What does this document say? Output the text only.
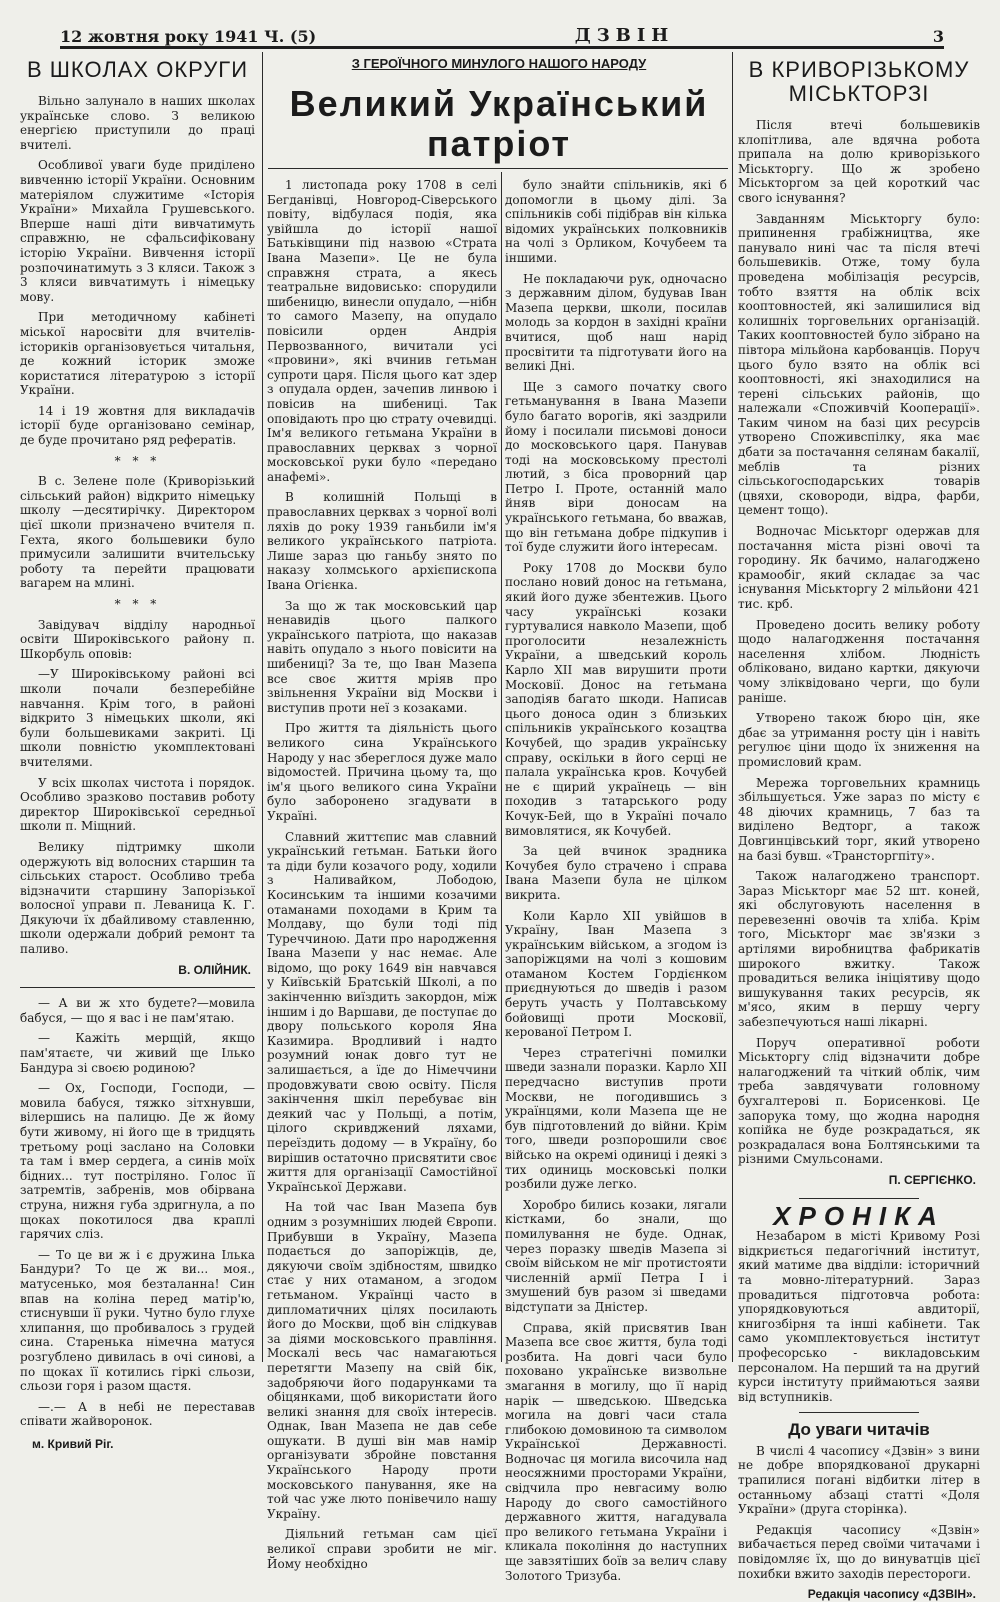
12 жовтня року 1941 Ч. (5)	ДЗВІН	3
В ШКОЛАХ ОКРУГИ

Вільно залунало в наших школах українське слово. З великою енергією приступили до праці вчителі.

Особливої уваги буде приділено вивченню історії України. Основним матеріялом служитиме «Історія України» Михайла Грушевського. Вперше наші діти вивчатимуть справжню, не сфальсифіковану історію України. Вивчення історії розпочинатимуть з 3 кляси. Також з 3 кляси вивчатимуть і німецьку мову.

При методичному кабінеті міської наросвіти для вчителів-істориків організовується читальня, де кожний історик зможе користатися літературою з історії України.

14 і 19 жовтня для викладачів історії буде організовано семінар, де буде прочитано ряд рефератів.

* * *

В с. Зелене поле (Криворізький сільський район) відкрито німецьку школу —десятирічку. Директором цієї школи призначено вчителя п. Гехта, якого большевики було примусили залишити вчительську роботу та перейти працювати вагарем на млині.

* * *

Завідувач відділу народньої освіти Широківського району п. Шкорбуль оповів:

—У Широківському районі всі школи почали безперебійне навчання. Крім того, в районі відкрито 3 німецьких школи, які були большевиками закриті. Ці школи повністю укомплектовані вчителями.

У всіх школах чистота і порядок. Особливо зразково поставив роботу директор Широківської середньої школи п. Міщний.

Велику підтримку школи одержують від волосних старшин та сільських старост. Особливо треба відзначити старшину Запорізької волосної управи п. Леваница К. Г. Дякуючи їх дбайливому ставленню, школи одержали добрий ремонт та паливо.

В. ОЛІЙНИК.

— А ви ж хто будете?—мовила бабуся, — що я вас і не пам'ятаю.

— Кажіть мерщій, якщо пам'ятаєте, чи живий ще Ількo Бандура зі своєю родиною?

— Ох, Господи, Господи, — мовила бабуся, тяжко зітхнувши, вілершись на палицю. Де ж йому бути живому, ні його ще в тридцять третьому році заслано на Соловки та там і вмер сердега, а синів моїх бідних... тут постріляно. Голос її затремтів, забренів, мов обірвана струна, нижня губа здригнула, а по щоках покотилося два краплі гарячих сліз.

— То це ви ж і є дружина Ілька Бандури? То це ж ви... моя., матусенько, моя безталанна! Син впав на коліна перед матір'ю, стиснувши її руки. Чутно було глухе хлипання, що пробивалось з грудей сина. Старенька німечна матуся розгублено дивилась в очі синові, а по щоках її котились гіркі сльози, сльози горя і разом щастя.

—.— А в небі не переставав співати жайворонок.

м. Кривий Ріг.
З ГЕРОЇЧНОГО МИНУЛОГО НАШОГО НАРОДУ
Великий Український
патріот

1 листопада року 1708 в селі Бегданівці, Новгород-Сіверського повіту, відбулася подія, яка увійшла до історії нашої Батьківщини під назвою «Страта Івана Мазепи». Це не була справжня страта, а якесь театральне видовисько: спорудили шибеницю, винесли опудало, —нібн то самого Мазепу, на опудало повісили орден Андрія Первозванного, вичитали усі «провини», які вчинив гетьман супроти царя. Після цього кат здер з опудала орден, зачепив линвою і повісив на шибениці. Так оповідають про цю страту очевидці. Ім'я великого гетьмана України в православних церквах з чорної московської руки було «передано анафемі».

В колишній Польщі в православних церквах з чорної волі ляхів до року 1939 ганьбили ім'я великого українського патріота. Лише зараз цю ганьбу знято по наказу холмського архієпископа Івана Огієнка.

За що ж так московський цар ненавидів цього палкого українського патріота, що наказав навіть опудало з нього повісити на шибениці? За те, що Іван Мазепа все своє життя мріяв про звільнення України від Москви і виступив проти неї з козаками.

Про життя та діяльність цього великого сина Українського Народу у нас збереглося дуже мало відомостей. Причина цьому та, що ім'я цього великого сина України було заборонено згадувати в Україні.

Славний життєпис мав славний український гетьман. Батьки його та діди були козачого роду, ходили з Наливайком, Лободою, Косинським та іншими козачими отаманами походами в Крим та Молдаву, що були тоді під Туреччиною. Дати про народження Івана Мазепи у нас немає. Але відомо, що року 1649 він навчався у Київській Братській Школі, а по закінченню виїздить закордон, між іншим і до Варшави, де поступає до двору польського короля Яна Казимира. Вродливий і надто розумний юнак довго тут не залишається, а їде до Німеччини продовжувати свою освіту. Після закінчення шкіл перебуває він деякий час у Польщі, а потім, цілого скривджений ляхами, переїздить додому — в Україну, бо вирішив остаточно присвятити своє життя для організації Самостійної Української Держави.

На той час Іван Мазепа був одним з розумніших людей Європи. Прибувши в Україну, Мазепа подається до запоріжців, де, дякуючи своїм здібностям, швидко стає у них отаманом, а згодом гетьманом. Українці часто в дипломатичних цілях посилають його до Москви, щоб він слідкував за діями московського правління. Москалі весь час намагаються перетягти Мазепу на свій бік, задобряючи його подарунками та обіцянками, щоб використати його великі знання для своїх інтересів. Однак, Іван Мазепа не дав себе ошукати. В душі він мав намір організувати збройне повстання Українського Народу проти московського панування, яке на той час уже люто понівечило нашу Україну.

Діяльний гетьман сам цієї великої справи зробити не міг. Йому необхідно

було знайти спільників, які б допомогли в цьому ділі. За спільників собі підібрав він кілька відомих українських полковників на чолі з Орликом, Кочубеем та іншими.

Не покладаючи рук, одночасно з державним ділом, будував Іван Мазепа церкви, школи, посилав молодь за кордон в західні країни вчитися, щоб наш нарід просвітити та підготувати його на великі Дні.

Ще з самого початку свого гетьманування в Івана Мазепи було багато ворогів, які заздрили йому і посилали письмові доноси до московського царя. Панував тоді на московському престолі лютий, з біса проворний цар Петро І. Проте, останній мало йняв віри доносам на українського гетьмана, бо вважав, що він гетьмана добре підкупив і тої буде служити його інтересам.

Року 1708 до Москви було послано новий донос на гетьмана, який його дуже збентежив. Цього часу українські козаки гуртувалися навколо Мазепи, щоб проголосити незалежність України, а шведський король Карло XII мав вирушити проти Московії. Донос на гетьмана заподіяв багато шкоди. Написав цього доноса один з близьких спільників українського козацтва Кочубей, що зрадив українську справу, оскільки в його серці не палала українська кров. Кочубей не є щирий українець — він походив з татарського роду Кочук-Бей, що в Україні почало вимовлятися, як Кочубей.

За цей вчинок зрадника Кочубея було страчено і справа Івана Мазепи була не цілком викрита.

Коли Карло XII увійшов в Україну, Іван Мазепа з українським військом, а згодом із запоріжцями на чолі з кошовим отаманом Костем Гордієнком приєднуються до шведів і разом беруть участь у Полтавському бойовищі проти Московії, керованої Петром I.

Через стратегічні помилки шведи зазнали поразки. Карло XII передчасно виступив проти Москви, не погодившись з українцями, коли Мазепа ще не був підготовлений до війни. Крім того, шведи розпорошили своє військо на окремі одиниці і деякі з тих одиниць московські полки розбили дуже легко.

Хоробро бились козаки, лягали кістками, бо знали, що помилування не буде. Однак, через поразку шведів Мазепа зі своїм військом не міг протистояти численній армії Петра І і змушений був разом зі шведами відступати за Дністер.

Справа, якій присвятив Іван Мазепа все своє життя, була тоді розбита. На довгі часи було поховано українське визвольне змагання в могилу, що її нарід нарік — шведською. Шведська могила на довгі часи стала глибокою домовиною та символом Української Державності. Водночас ця могила височила над неосяжними просторами України, свідчила про невгасиму волю Народу до свого самостійного державного життя, нагадувала про великого гетьмана України і кликала покоління до наступних ще завзятіших боїв за велич славу Золотого Тризуба.

В КРИВОРІЗЬКОМУ МІСЬКТОРЗІ

Після втечі большевиків клопітлива, але вдячна робота припала на долю криворізького Міськторгу. Що ж зробено Міськторгом за цей короткий час свого існування?

Завданням Міськторгу було: припинення грабіжництва, яке панувало нині час та після втечі большевиків. Отже, тому була проведена мобілізація ресурсів, тобто взяття на облік всіх кооптовностей, які залишилися від колишніх торговельних організацій. Таких кооптовностей було зібрано на півтора мільйона карбованців. Поруч цього було взято на облік всі кооптовності, які знаходилися на терені сільських районів, що належали «Споживчій Кооперації». Таким чином на базі цих ресурсів утворено Споживспілку, яка має дбати за постачання селянам бакалії, меблів та різних сільськогосподарських товарів (цвяхи, сковороди, відра, фарби, цемент тощо).

Водночас Міськторг одержав для постачання міста різні овочі та городину. Як бачимо, налагоджено крамообіг, який складає за час існування Міськторгу 2 мільйони 421 тис. крб.

Проведено досить велику роботу щодо налагодження постачання населення хлібом. Людність обліковано, видано картки, дякуючи чому зліквідовано черги, що були раніше.

Утворено також бюро цін, яке дбає за утримання росту цін і навіть регулює ціни щодо їх зниження на промисловий крам.

Мережа торговельних крамниць збільшується. Уже зараз по місту є 48 діючих крамниць, 7 баз та виділено Ведторг, а також Довгинцівський торг, який утворено на базі бувш. «Трансторгпіту».

Також налагоджено транспорт. Зараз Міськторг має 52 шт. коней, які обслуговують населення в перевезенні овочів та хліба. Крім того, Міськторг має зв'язки з артілями виробництва фабрикатів широкого вжитку. Також провадиться велика ініціятиву щодо вишукування таких ресурсів, як м'ясо, яким в першу чергу забезпечуються наші лікарні.

Поруч оперативної роботи Міськторгу слід відзначити добре налагоджений та чіткий облік, чим треба завдячувати головному бухгалтерові п. Борисенкові. Це запорука тому, що жодна народня копійка не буде розкрадаться, як розкрадалася вона Болтянськими та різними Смульсонами.

П. СЕРГІЄНКО.
ХРОНІКА

Незабаром в місті Кривому Розі відкриється педагогічний інститут, який матиме два відділи: історичний та мовно-літературний. Зараз провадиться підготовча робота: упорядковуються авдиторії, книгозбірня та інші кабінети. Так само укомплектовується інститут професорсько - викладовським персоналом. На перший та на другий курси інституту приймаються заяви від вступників.

До уваги читачів

В числі 4 часопису «Дзвін» з вини не добре впорядкованої друкарні трапилися погані відбитки літер в останньому абзаці статті «Доля України» (друга сторінка).

Редакція часопису «Дзвін» вибачається перед своїми читачами і повідомляє їх, що до винуватців цієї похибки вжито заходів перестороги.

Редакція часопису «ДЗВІН».
